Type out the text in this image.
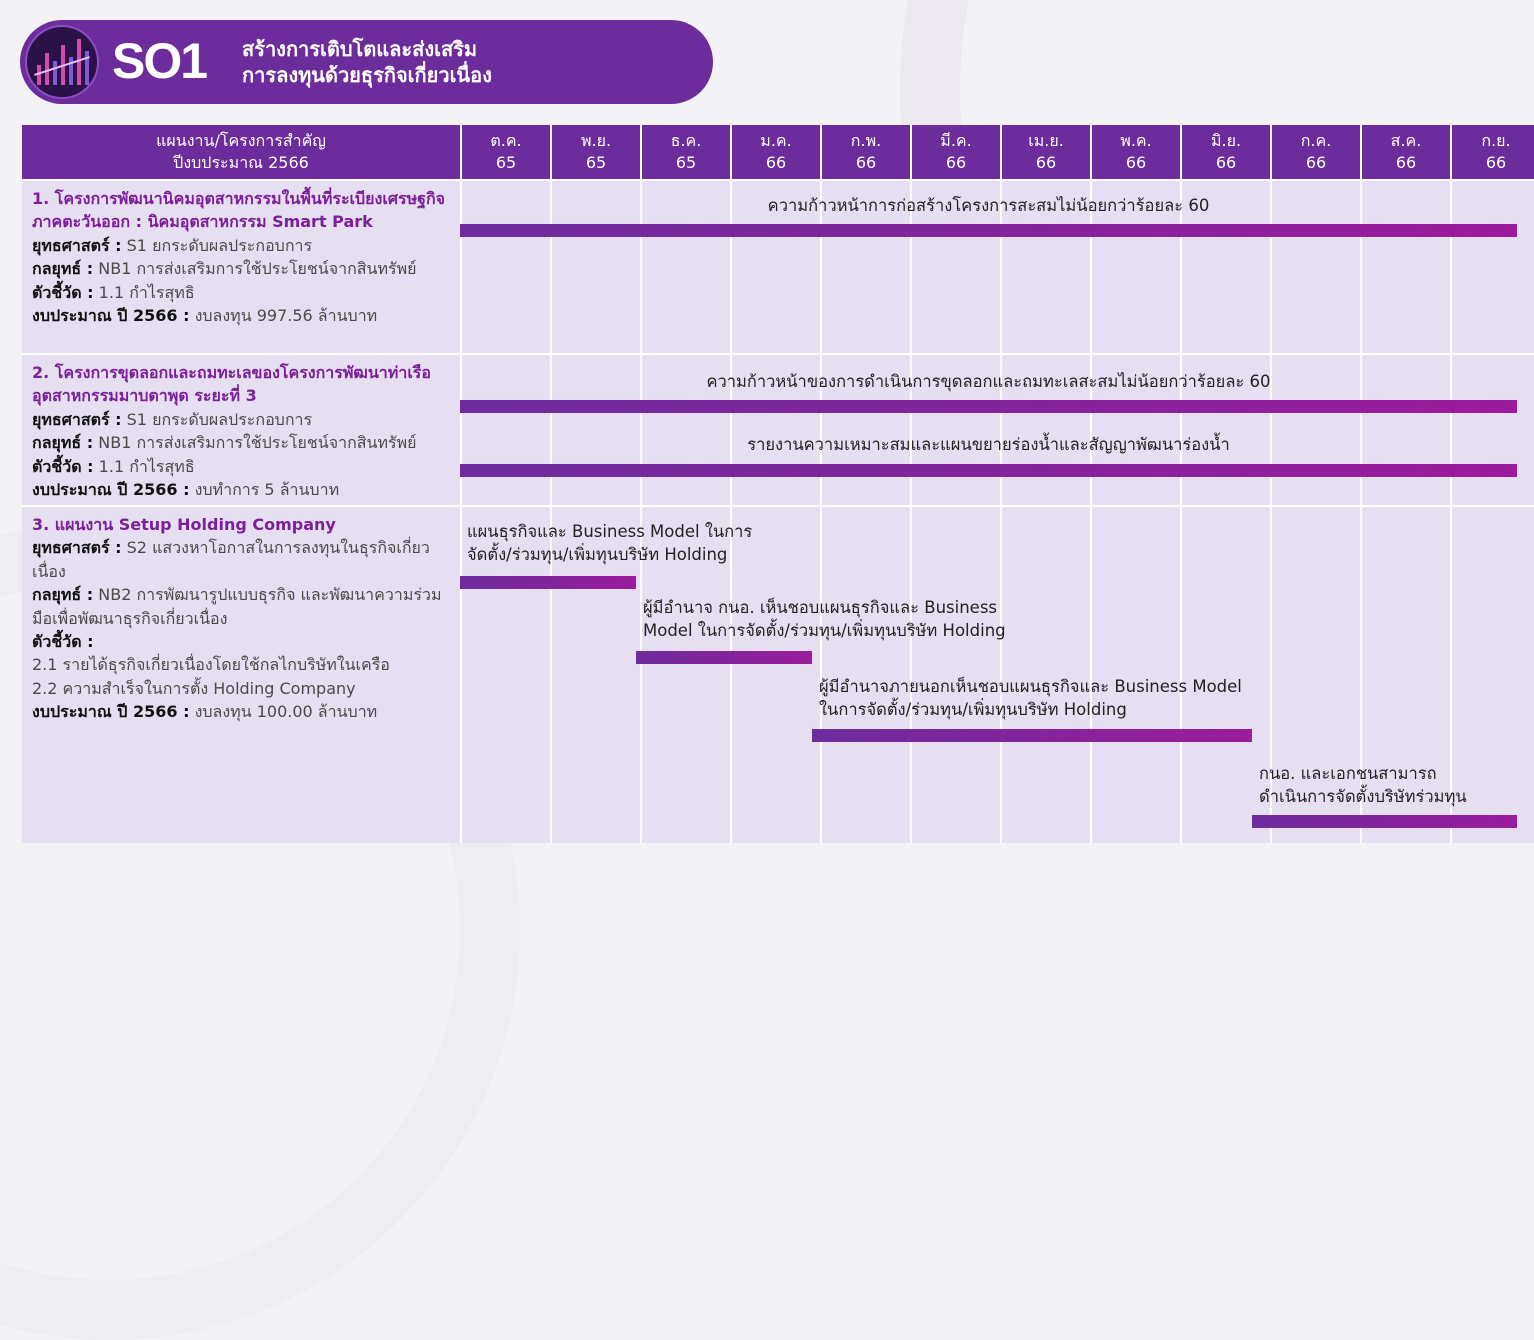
SO1 สร้างการเติบโตและส่งเสริม
การลงทุนด้วยธุรกิจเกี่ยวเนื่อง
แผนงาน/โครงการสำคัญ
ปีงบประมาณ 2566
ต.ค.
65
พ.ย.
65
ธ.ค.
65
ม.ค.
66
ก.พ.
66
มี.ค.
66
เม.ย.
66
พ.ค.
66
มิ.ย.
66
ก.ค.
66
ส.ค.
66
ก.ย.
66
1. โครงการพัฒนานิคมอุตสาหกรรมในพื้นที่ระเบียงเศรษฐกิจภาคตะวันออก : นิคมอุตสาหกรรม Smart Park
ยุทธศาสตร์ : S1 ยกระดับผลประกอบการ
กลยุทธ์ : NB1 การส่งเสริมการใช้ประโยชน์จากสินทรัพย์
ตัวชี้วัด : 1.1 กำไรสุทธิ
งบประมาณ ปี 2566 : งบลงทุน 997.56 ล้านบาท
2. โครงการขุดลอกและถมทะเลของโครงการพัฒนาท่าเรืออุตสาหกรรมมาบตาพุด ระยะที่ 3
ยุทธศาสตร์ : S1 ยกระดับผลประกอบการ
กลยุทธ์ : NB1 การส่งเสริมการใช้ประโยชน์จากสินทรัพย์
ตัวชี้วัด : 1.1 กำไรสุทธิ
งบประมาณ ปี 2566 : งบทำการ 5 ล้านบาท
3. แผนงาน Setup Holding Company
ยุทธศาสตร์ : S2 แสวงหาโอกาสในการลงทุนในธุรกิจเกี่ยวเนื่อง
กลยุทธ์ : NB2 การพัฒนารูปแบบธุรกิจ และพัฒนาความร่วมมือเพื่อพัฒนาธุรกิจเกี่ยวเนื่อง
ตัวชี้วัด :
2.1 รายได้ธุรกิจเกี่ยวเนื่องโดยใช้กลไกบริษัทในเครือ
2.2 ความสำเร็จในการตั้ง Holding Company
งบประมาณ ปี 2566 : งบลงทุน 100.00 ล้านบาท
ความก้าวหน้าการก่อสร้างโครงการสะสมไม่น้อยกว่าร้อยละ 60
ความก้าวหน้าของการดำเนินการขุดลอกและถมทะเลสะสมไม่น้อยกว่าร้อยละ 60
รายงานความเหมาะสมและแผนขยายร่องน้ำและสัญญาพัฒนาร่องน้ำ
แผนธุรกิจและ Business Model ในการ
จัดตั้ง/ร่วมทุน/เพิ่มทุนบริษัท Holding
ผู้มีอำนาจ กนอ. เห็นชอบแผนธุรกิจและ Business
Model ในการจัดตั้ง/ร่วมทุน/เพิ่มทุนบริษัท Holding
ผู้มีอำนาจภายนอกเห็นชอบแผนธุรกิจและ Business Model
ในการจัดตั้ง/ร่วมทุน/เพิ่มทุนบริษัท Holding
กนอ. และเอกชนสามารถ
ดำเนินการจัดตั้งบริษัทร่วมทุน
